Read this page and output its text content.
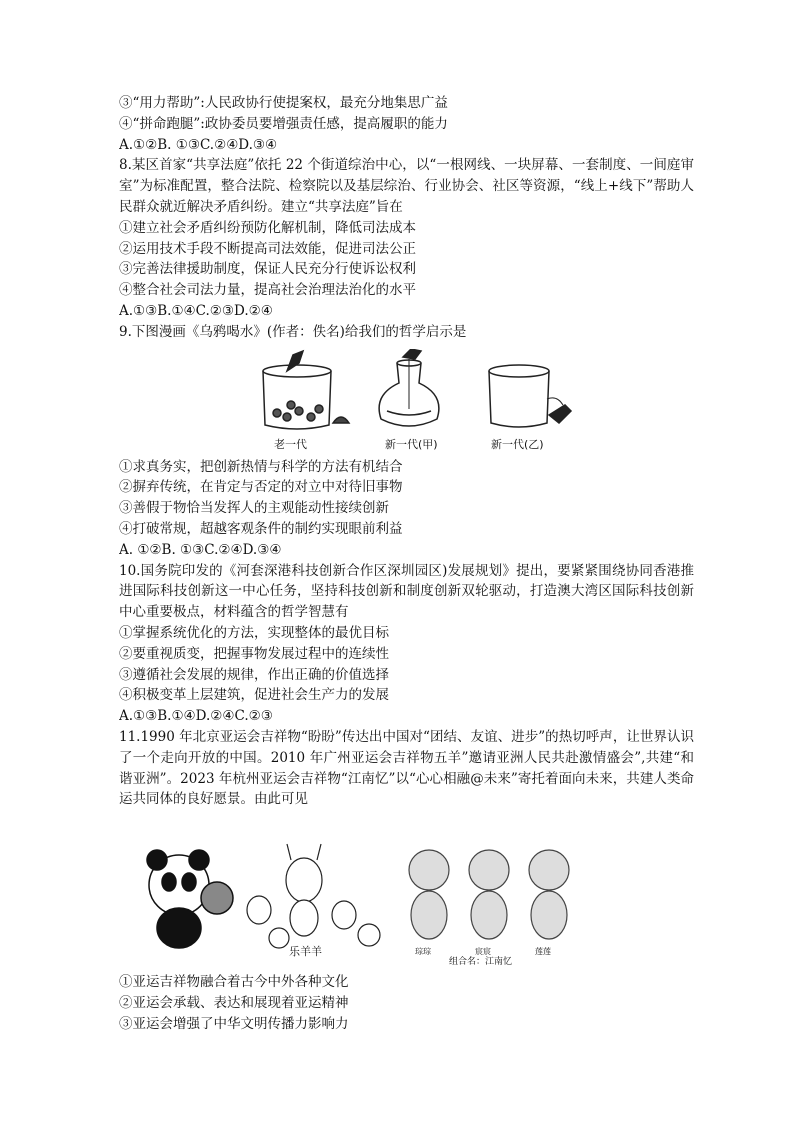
③“用力帮助”:人民政协行使提案权，最充分地集思广益
④“拼命跑腿”:政协委员要增强责任感，提高履职的能力
A.①②B. ①③C.②④D.③④
8.某区首家“共享法庭”依托 22 个街道综治中心，以“一根网线、一块屏幕、一套制度、一间庭审室”为标准配置，整合法院、检察院以及基层综治、行业协会、社区等资源，“线上+线下”帮助人民群众就近解决矛盾纠纷。建立“共享法庭”旨在
①建立社会矛盾纠纷预防化解机制，降低司法成本
②运用技术手段不断提高司法效能，促进司法公正
③完善法律援助制度，保证人民充分行使诉讼权利
④整合社会司法力量，提高社会治理法治化的水平
A.①③B.①④C.②③D.②④
9.下图漫画《乌鸦喝水》(作者：佚名)给我们的哲学启示是
老一代	新一代(甲)	新一代(乙)
①求真务实，把创新热情与科学的方法有机结合
②摒弃传统，在肯定与否定的对立中对待旧事物
③善假于物恰当发挥人的主观能动性接续创新
④打破常规，超越客观条件的制约实现眼前利益
A. ①②B. ①③C.②④D.③④
10.国务院印发的《河套深港科技创新合作区深圳园区)发展规划》提出，要紧紧围绕协同香港推进国际科技创新这一中心任务，坚持科技创新和制度创新双轮驱动，打造澳大湾区国际科技创新中心重要极点，材料蕴含的哲学智慧有
①掌握系统优化的方法，实现整体的最优目标
②要重视质变，把握事物发展过程中的连续性
③遵循社会发展的规律，作出正确的价值选择
④积极变革上层建筑，促进社会生产力的发展
A.①③B.①④D.②④C.②③
11.1990 年北京亚运会吉祥物“盼盼”传达出中国对“团结、友谊、进步”的热切呼声，让世界认识了一个走向开放的中国。2010 年广州亚运会吉祥物五羊”邀请亚洲人民共赴激情盛会”,共建“和谐亚洲”。2023 年杭州亚运会吉祥物“江南忆”以“心心相融@未来”寄托着面向未来，共建人类命运共同体的良好愿景。由此可见
乐羊羊	琮琮	宸宸	莲莲
组合名：江南忆
①亚运吉祥物融合着古今中外各种文化
②亚运会承载、表达和展现着亚运精神
③亚运会增强了中华文明传播力影响力
